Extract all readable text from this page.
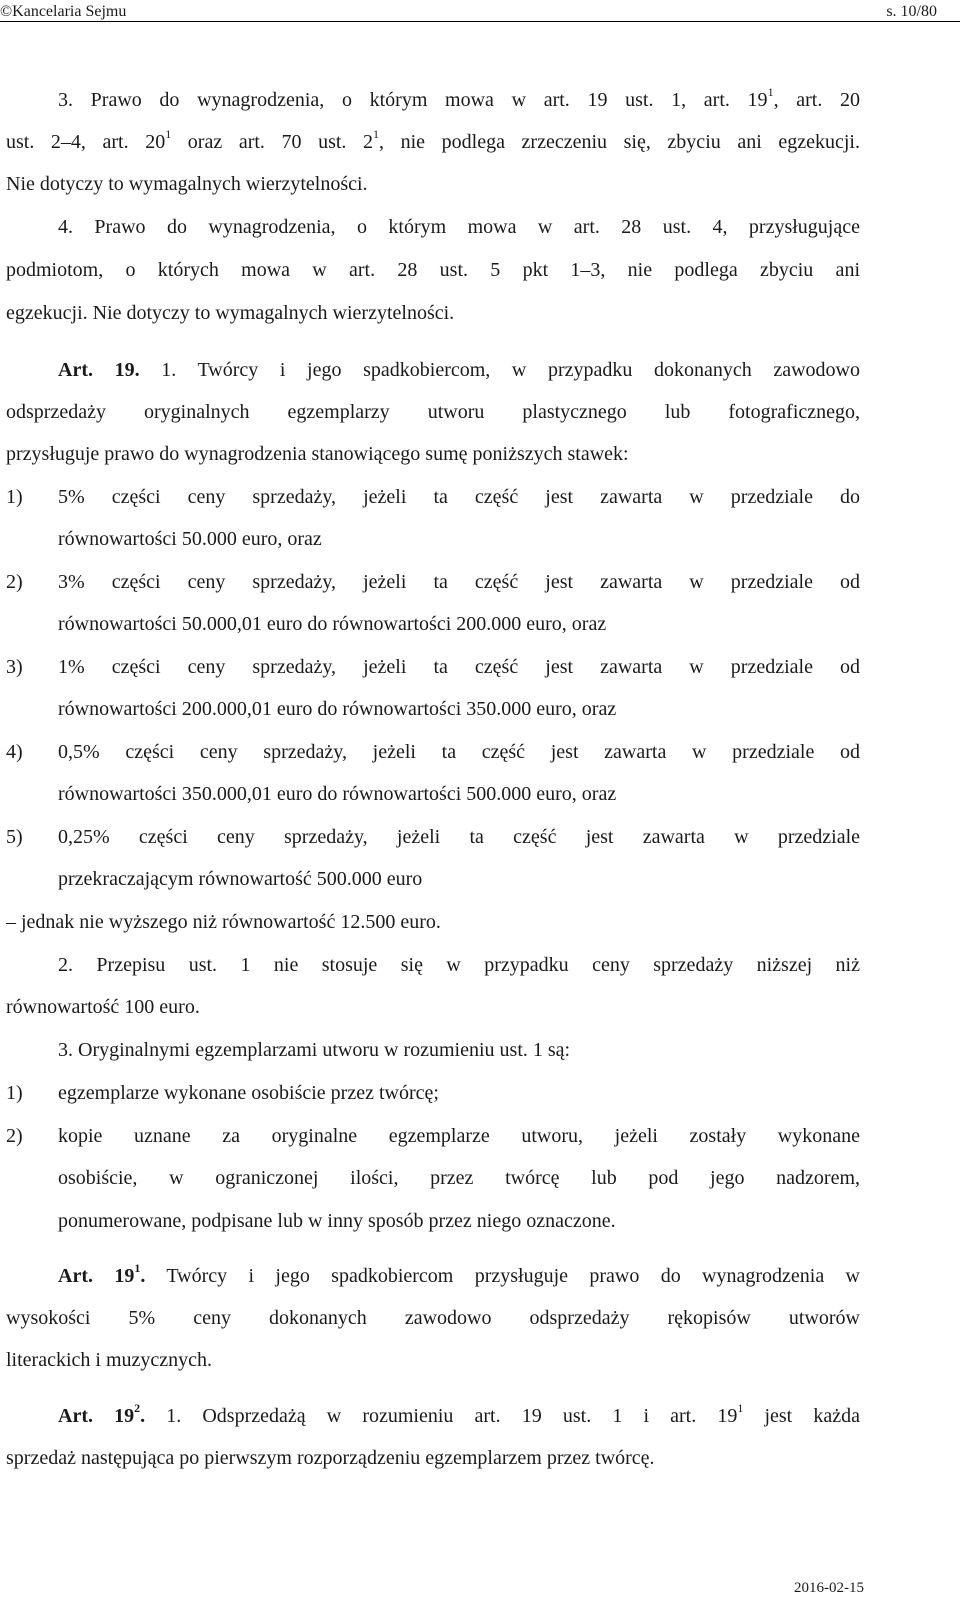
©Kancelaria Sejmu	s. 10/80
3. Prawo do wynagrodzenia, o którym mowa w art. 19 ust. 1, art. $19^1$, art. 20
ust. 2–4, art. $20^1$ oraz art. 70 ust. $2^1$, nie podlega zrzeczeniu się, zbyciu ani egzekucji.
Nie dotyczy to wymagalnych wierzytelności.
4. Prawo do wynagrodzenia, o którym mowa w art. 28 ust. 4, przysługujące
podmiotom, o których mowa w art. 28 ust. 5 pkt 1–3, nie podlega zbyciu ani
egzekucji. Nie dotyczy to wymagalnych wierzytelności.
Art. 19. 1. Twórcy i jego spadkobiercom, w przypadku dokonanych zawodowo
odsprzedaży oryginalnych egzemplarzy utworu plastycznego lub fotograficznego,
przysługuje prawo do wynagrodzenia stanowiącego sumę poniższych stawek:
1) 5% części ceny sprzedaży, jeżeli ta część jest zawarta w przedziale do
równowartości 50.000 euro, oraz
2) 3% części ceny sprzedaży, jeżeli ta część jest zawarta w przedziale od
równowartości 50.000,01 euro do równowartości 200.000 euro, oraz
3) 1% części ceny sprzedaży, jeżeli ta część jest zawarta w przedziale od
równowartości 200.000,01 euro do równowartości 350.000 euro, oraz
4) 0,5% części ceny sprzedaży, jeżeli ta część jest zawarta w przedziale od
równowartości 350.000,01 euro do równowartości 500.000 euro, oraz
5) 0,25% części ceny sprzedaży, jeżeli ta część jest zawarta w przedziale
przekraczającym równowartość 500.000 euro
– jednak nie wyższego niż równowartość 12.500 euro.
2. Przepisu ust. 1 nie stosuje się w przypadku ceny sprzedaży niższej niż
równowartość 100 euro.
3. Oryginalnymi egzemplarzami utworu w rozumieniu ust. 1 są:
1) egzemplarze wykonane osobiście przez twórcę;
2) kopie uznane za oryginalne egzemplarze utworu, jeżeli zostały wykonane
osobiście, w ograniczonej ilości, przez twórcę lub pod jego nadzorem,
ponumerowane, podpisane lub w inny sposób przez niego oznaczone.
Art. $19^1$. Twórcy i jego spadkobiercom przysługuje prawo do wynagrodzenia w
wysokości 5% ceny dokonanych zawodowo odsprzedaży rękopisów utworów
literackich i muzycznych.
Art. $19^2$. 1. Odsprzedażą w rozumieniu art. 19 ust. 1 i art. $19^1$ jest każda
sprzedaż następująca po pierwszym rozporządzeniu egzemplarzem przez twórcę.
2016-02-15
